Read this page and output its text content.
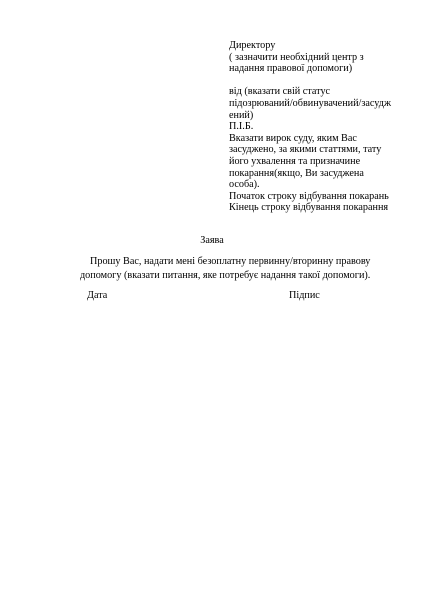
Директору
( зазначити необхідний центр з
надання правової допомоги)
від (вказати свій статус
підозрюваний/обвинувачений/засудж
ений)
П.І.Б.
Вказати вирок суду, яким Вас
засуджено, за якими статтями, тату
його ухвалення та призначине
покарання(якщо, Ви засуджена
особа).
Початок строку відбування покарань
Кінець строку відбування покарання
Заява
Прошу Вас, надати мені безоплатну первинну/вторинну правову
допомогу (вказати питання, яке потребує надання такої допомоги).
Дата	Підпис
